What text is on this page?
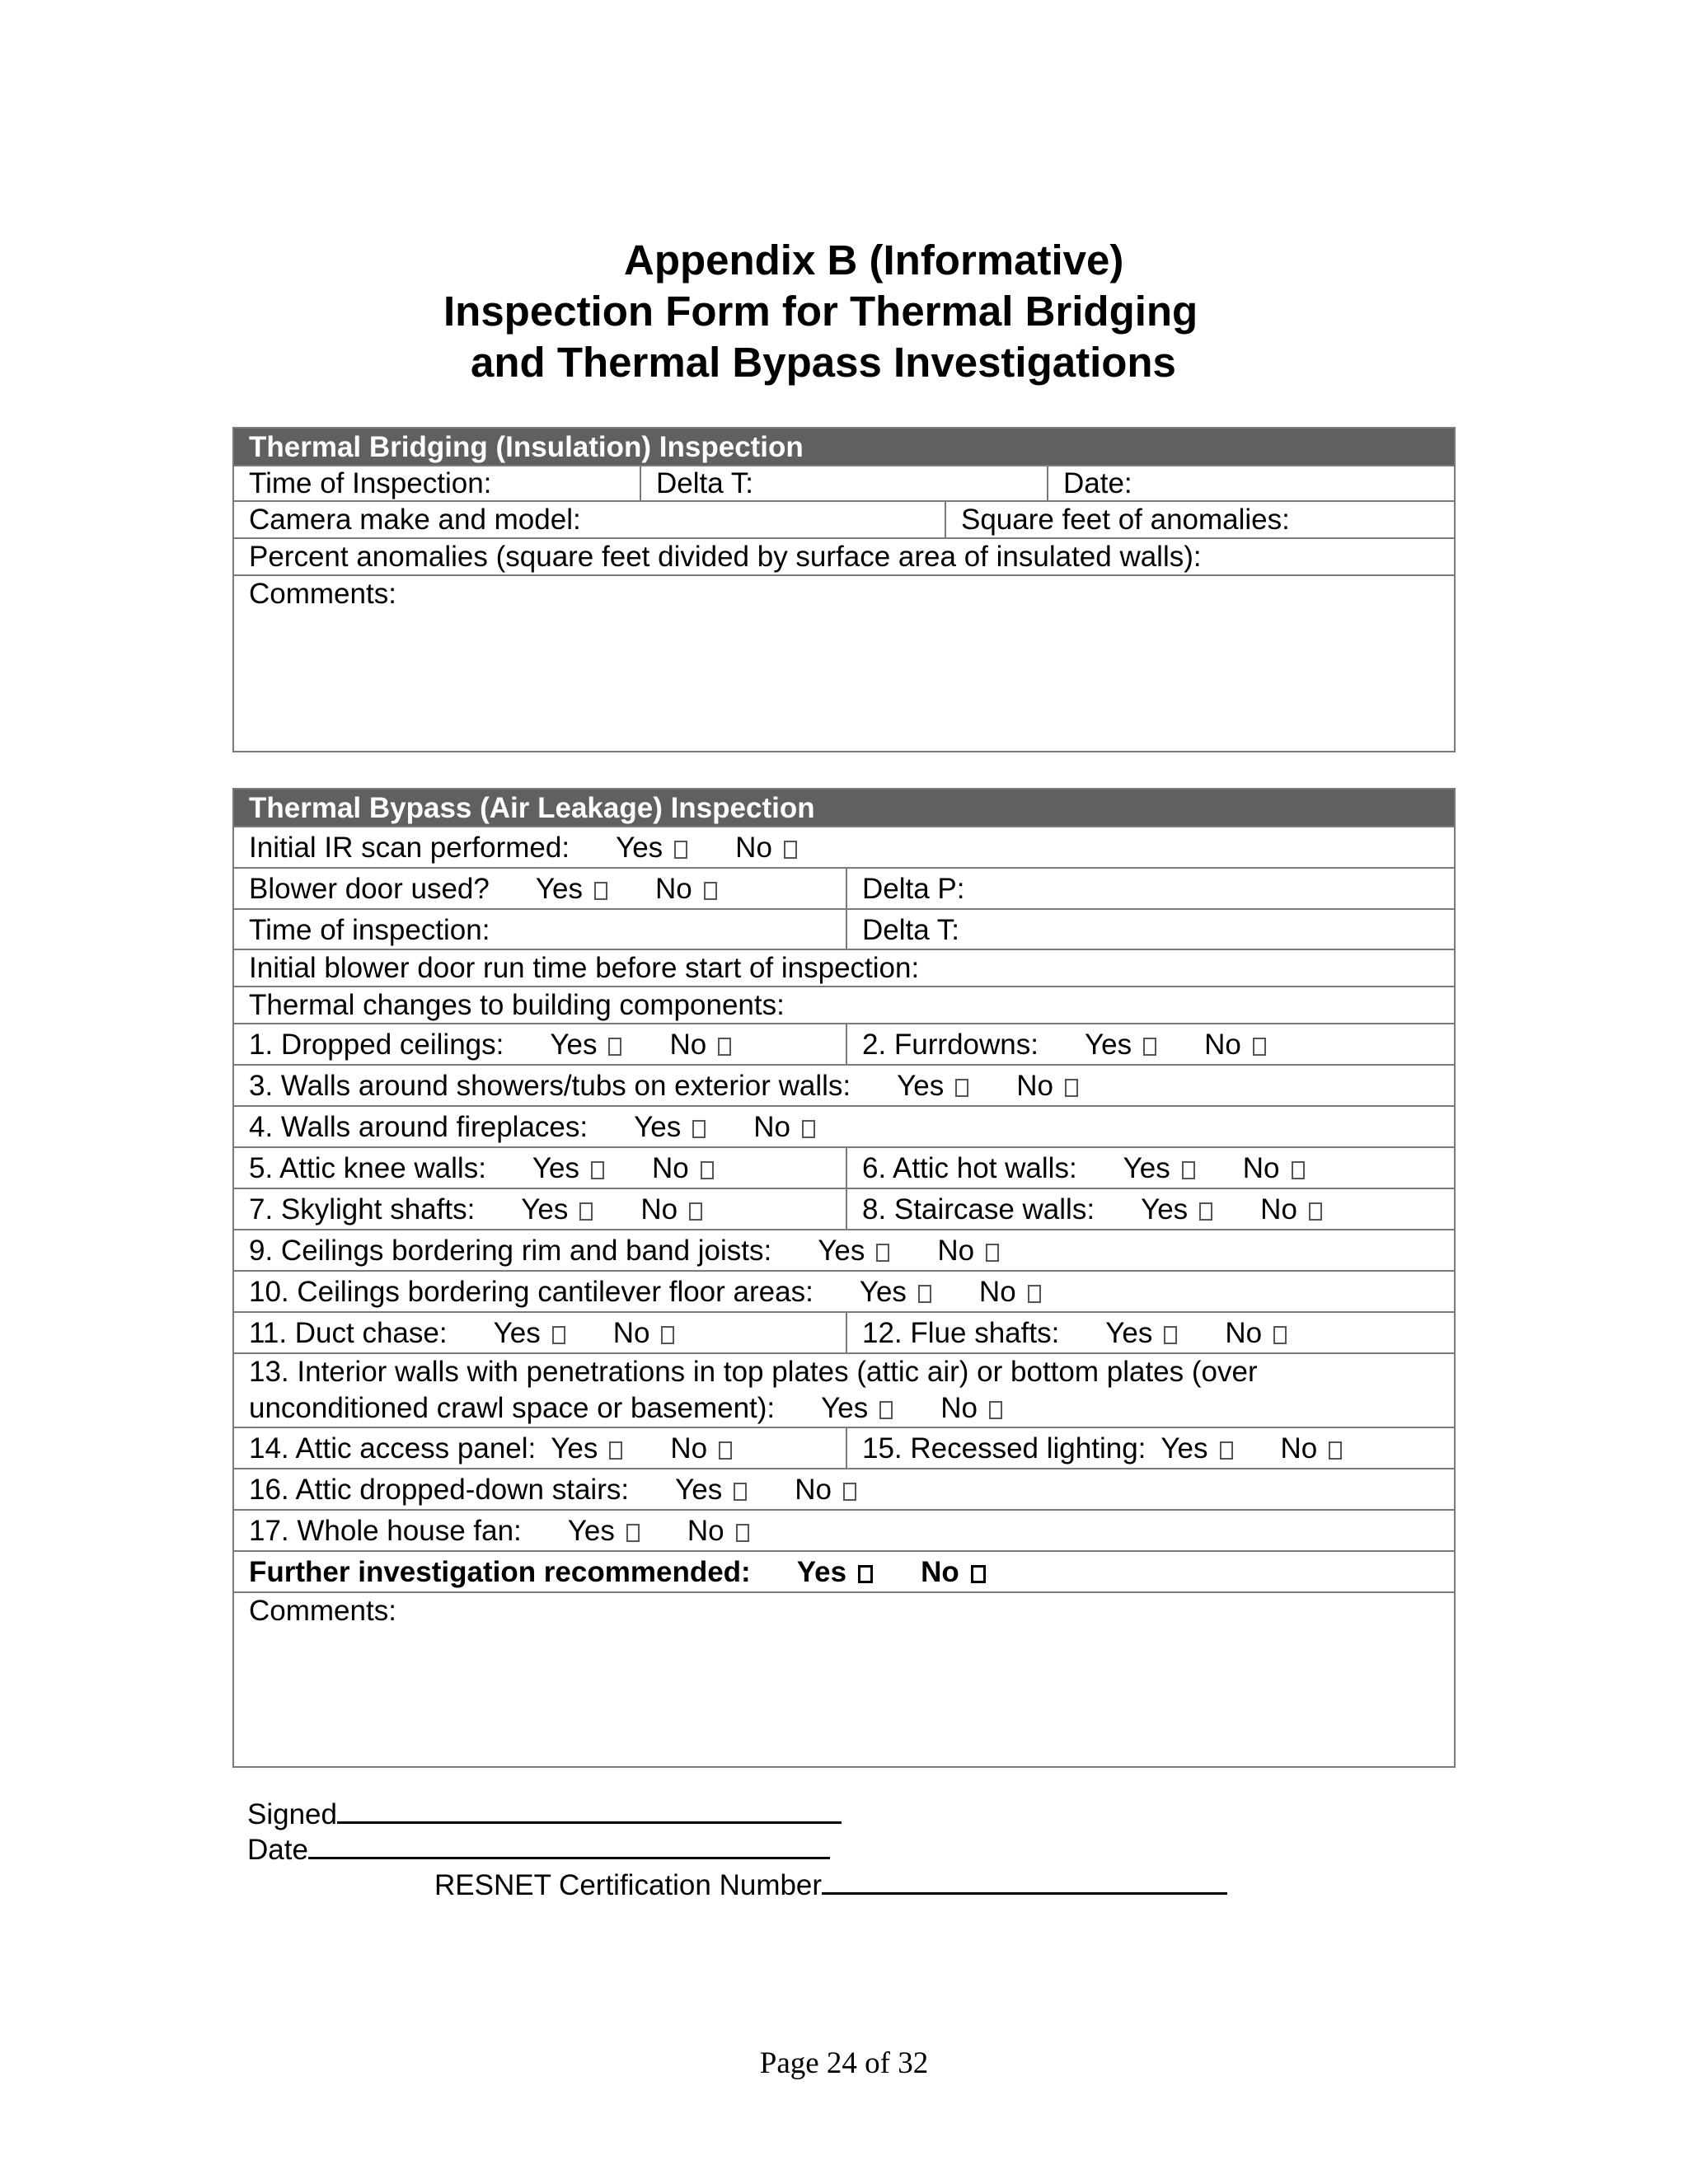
Appendix B (Informative)
Inspection Form for Thermal Bridging
and Thermal Bypass Investigations
Thermal Bridging (Insulation) Inspection
Time of Inspection:	Delta T:	Date:
Camera make and model:	Square feet of anomalies:
Percent anomalies (square feet divided by surface area of insulated walls):
Comments:
Thermal Bypass (Air Leakage) Inspection
Initial IR scan performed: Yes	No
Blower door used? Yes	No	Delta P:
Time of inspection:	Delta T:
Initial blower door run time before start of inspection:
Thermal changes to building components:
1. Dropped ceilings: Yes	No	2. Furrdowns: Yes	No
3. Walls around showers/tubs on exterior walls: Yes	No
4. Walls around fireplaces: Yes	No
5. Attic knee walls: Yes	No	6. Attic hot walls: Yes	No
7. Skylight shafts: Yes	No	8. Staircase walls: Yes	No
9. Ceilings bordering rim and band joists: Yes	No
10. Ceilings bordering cantilever floor areas: Yes	No
11. Duct chase: Yes	No	12. Flue shafts: Yes	No
13. Interior walls with penetrations in top plates (attic air) or bottom plates (over
unconditioned crawl space or basement): Yes	No
14. Attic access panel: Yes	No	15. Recessed lighting: Yes	No
16. Attic dropped-down stairs: Yes	No
17. Whole house fan: Yes	No
Further investigation recommended: Yes	No
Comments:
Signed
Date
RESNET Certification Number
Page 24 of 32
